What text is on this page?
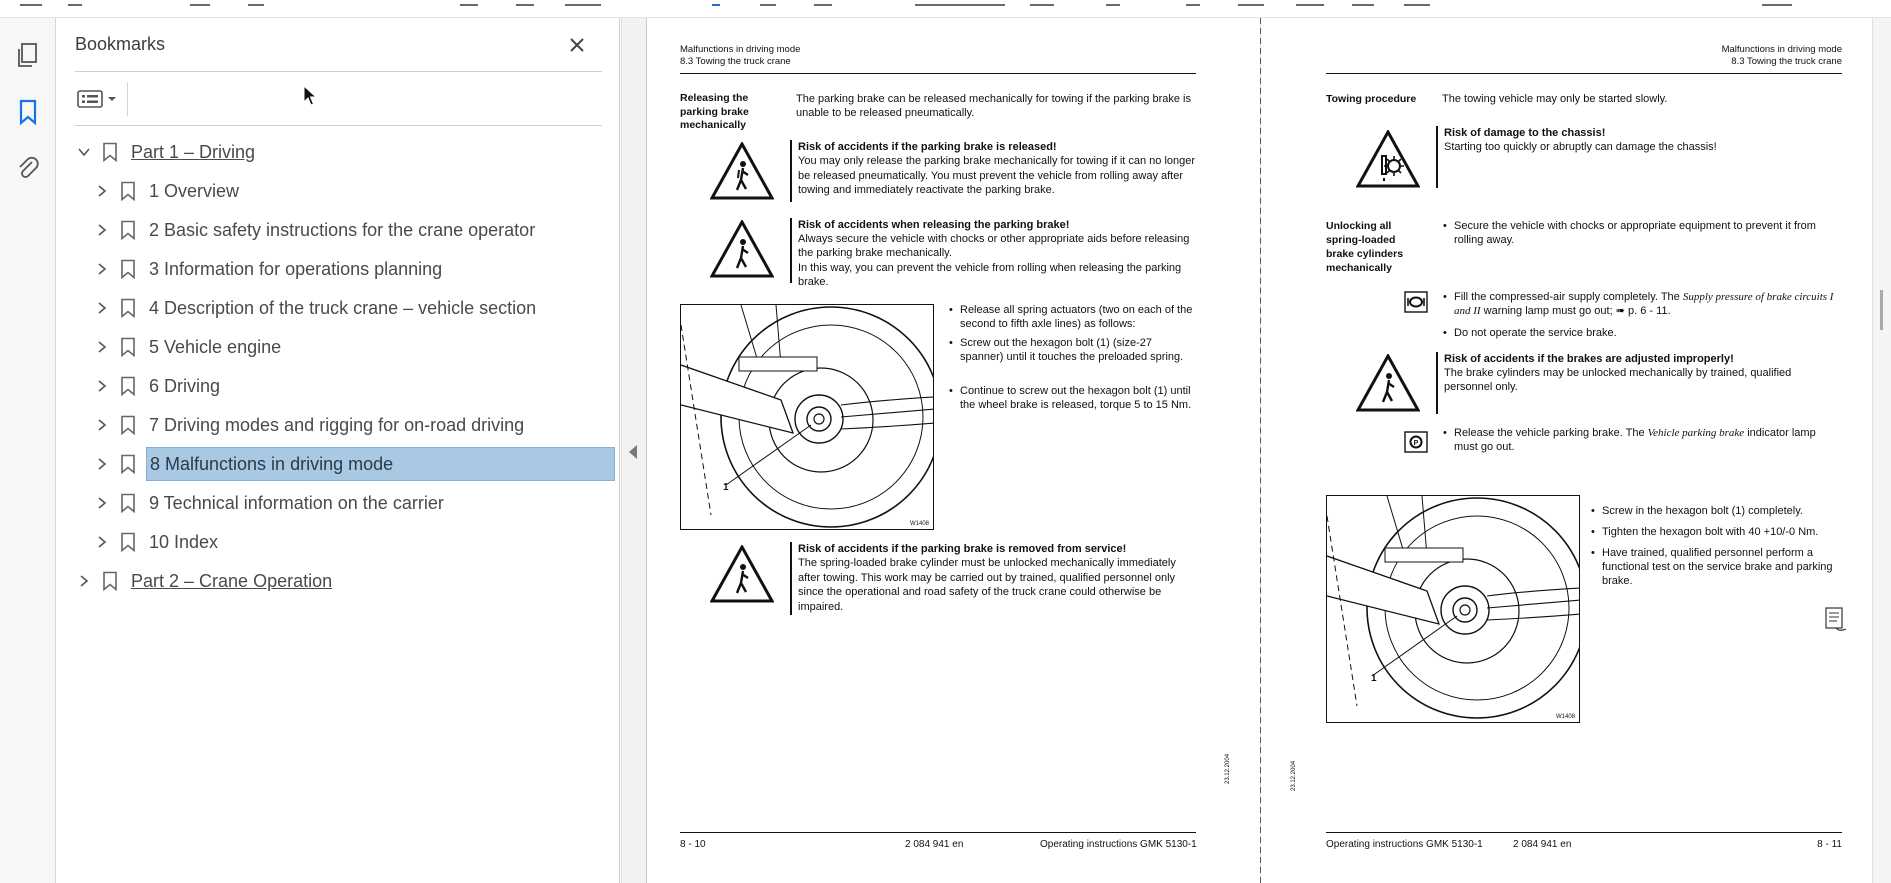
Bookmarks
Part 1 – Driving
1 Overview
2 Basic safety instructions for the crane operator
3 Information for operations planning
4 Description of the truck crane – vehicle section
5 Vehicle engine
6 Driving
7 Driving modes and rigging for on-road driving
8 Malfunctions in driving mode
9 Technical information on the carrier
10 Index
Part 2 – Crane Operation
Malfunctions in driving mode
8.3 Towing the truck crane
Releasing the parking brake mechanically
The parking brake can be released mechanically for towing if the parking brake is unable to be released pneumatically.
Risk of accidents if the parking brake is released!
You may only release the parking brake mechanically for towing if it can no longer be released pneumatically. You must prevent the vehicle from rolling away after towing and immediately reactivate the parking brake.
Risk of accidents when releasing the parking brake!
Always secure the vehicle with chocks or other appropriate aids before releasing the parking brake mechanically.
In this way, you can prevent the vehicle from rolling when releasing the parking brake.
1
W1408
• Release all spring actuators (two on each of the second to fifth axle lines) as follows:
• Screw out the hexagon bolt (1) (size-27 spanner) until it touches the preloaded spring.
• Continue to screw out the hexagon bolt (1) until the wheel brake is released, torque 5 to 15 Nm.
Risk of accidents if the parking brake is removed from service!
The spring-loaded brake cylinder must be unlocked mechanically immediately after towing. This work may be carried out by trained, qualified personnel only since the operational and road safety of the truck crane could otherwise be impaired.
23.12.2004
8 - 10	2 084 941 en	Operating instructions GMK 5130-1
Malfunctions in driving mode
8.3 Towing the truck crane
Towing procedure	The towing vehicle may only be started slowly.
Risk of damage to the chassis!
Starting too quickly or abruptly can damage the chassis!
Unlocking all spring-loaded brake cylinders mechanically
• Secure the vehicle with chocks or appropriate equipment to prevent it from rolling away.
• Fill the compressed-air supply completely. The Supply pressure of brake circuits I and II warning lamp must go out; ➠ p. 6 - 11.
• Do not operate the service brake.
Risk of accidents if the brakes are adjusted improperly!
The brake cylinders may be unlocked mechanically by trained, qualified personnel only.
P
• Release the vehicle parking brake. The Vehicle parking brake indicator lamp must go out.
1
W1408
• Screw in the hexagon bolt (1) completely.
• Tighten the hexagon bolt with 40 +10/-0 Nm.
• Have trained, qualified personnel perform a functional test on the service brake and parking brake.
23.12.2004
Operating instructions GMK 5130-1	2 084 941 en	8 - 11
